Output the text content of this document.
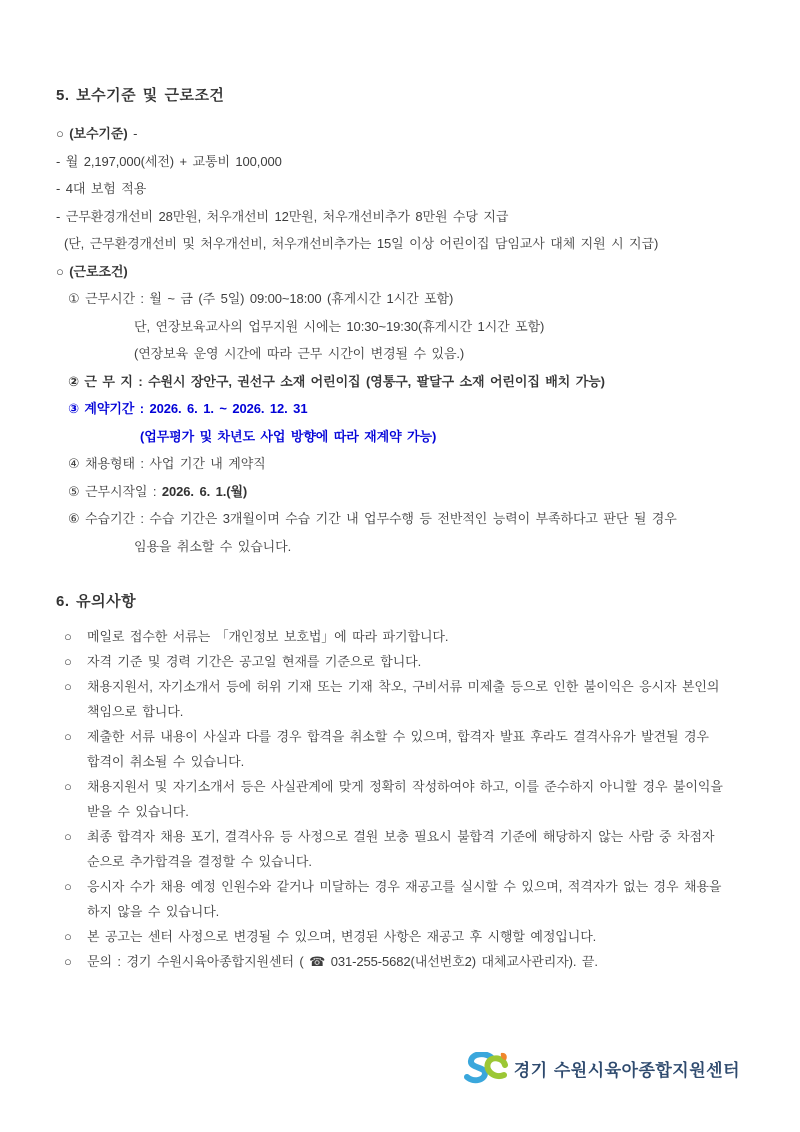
5. 보수기준 및 근로조건
○ (보수기준) -
- 월 2,197,000(세전) + 교통비 100,000
- 4대 보험 적용
- 근무환경개선비 28만원, 처우개선비 12만원, 처우개선비추가 8만원 수당 지급
(단, 근무환경개선비 및 처우개선비, 처우개선비추가는 15일 이상 어린이집 담임교사 대체 지원 시 지급)
○ (근로조건)
① 근무시간 : 월 ~ 금 (주 5일) 09:00~18:00 (휴게시간 1시간 포함)
단, 연장보육교사의 업무지원 시에는 10:30~19:30(휴게시간 1시간 포함)
(연장보육 운영 시간에 따라 근무 시간이 변경될 수 있음.)
② 근 무 지 : 수원시 장안구, 권선구 소재 어린이집 (영통구, 팔달구 소재 어린이집 배치 가능)
③ 계약기간 : 2026. 6. 1. ~ 2026. 12. 31
(업무평가 및 차년도 사업 방향에 따라 재계약 가능)
④ 채용형태 : 사업 기간 내 계약직
⑤ 근무시작일 : 2026. 6. 1.(월)
⑥ 수습기간 : 수습 기간은 3개월이며 수습 기간 내 업무수행 등 전반적인 능력이 부족하다고 판단 될 경우
임용을 취소할 수 있습니다.
6. 유의사항
○	메일로 접수한 서류는 「개인정보 보호법」에 따라 파기합니다.
○	자격 기준 및 경력 기간은 공고일 현재를 기준으로 합니다.
○	채용지원서, 자기소개서 등에 허위 기재 또는 기재 착오, 구비서류 미제출 등으로 인한 불이익은 응시자 본인의 책임으로 합니다.
○	제출한 서류 내용이 사실과 다를 경우 합격을 취소할 수 있으며, 합격자 발표 후라도 결격사유가 발견될 경우 합격이 취소될 수 있습니다.
○	채용지원서 및 자기소개서 등은 사실관계에 맞게 정확히 작성하여야 하고, 이를 준수하지 아니할 경우 불이익을 받을 수 있습니다.
○	최종 합격자 채용 포기, 결격사유 등 사정으로 결원 보충 필요시 불합격 기준에 해당하지 않는 사람 중 차점자 순으로 추가합격을 결정할 수 있습니다.
○	응시자 수가 채용 예정 인원수와 같거나 미달하는 경우 재공고를 실시할 수 있으며, 적격자가 없는 경우 채용을 하지 않을 수 있습니다.
○	본 공고는 센터 사정으로 변경될 수 있으며, 변경된 사항은 재공고 후 시행할 예정입니다.
○	문의 : 경기 수원시육아종합지원센터 ( ☎ 031-255-5682(내선번호2) 대체교사관리자). 끝.
경기 수원시육아종합지원센터
